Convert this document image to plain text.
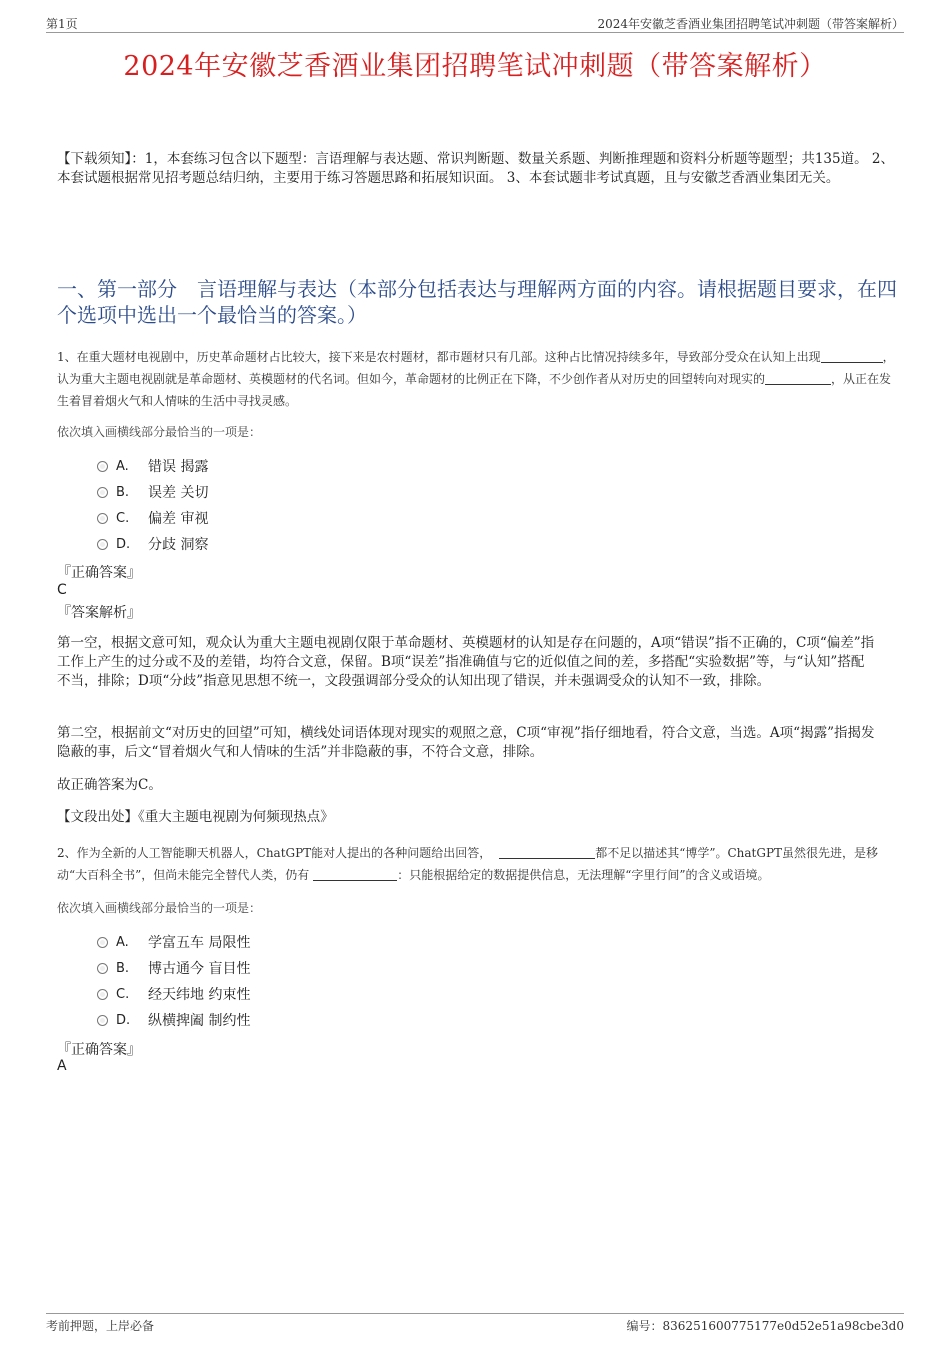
第1页	2024年安徽芝香酒业集团招聘笔试冲刺题（带答案解析）
2024年安徽芝香酒业集团招聘笔试冲刺题（带答案解析）
【下载须知】：1，本套练习包含以下题型：言语理解与表达题、常识判断题、数量关系题、判断推理题和资料分析题等题型；共135道。 2、本套试题根据常见招考题总结归纳，主要用于练习答题思路和拓展知识面。 3、本套试题非考试真题，且与安徽芝香酒业集团无关。
一、第一部分　言语理解与表达（本部分包括表达与理解两方面的内容。请根据题目要求，在四个选项中选出一个最恰当的答案。）
1、在重大题材电视剧中，历史革命题材占比较大，接下来是农村题材，都市题材只有几部。这种占比情况持续多年，导致部分受众在认知上出现	，认为重大主题电视剧就是革命题材、英模题材的代名词。但如今，革命题材的比例正在下降，不少创作者从对历史的回望转向对现实的	，从正在发生着冒着烟火气和人情味的生活中寻找灵感。
依次填入画横线部分最恰当的一项是：
A.	错误 揭露
B.	误差 关切
C.	偏差 审视
D.	分歧 洞察
『正确答案』
C
『答案解析』
第一空，根据文意可知，观众认为重大主题电视剧仅限于革命题材、英模题材的认知是存在问题的，A项“错误”指不正确的，C项“偏差”指工作上产生的过分或不及的差错，均符合文意，保留。B项“误差”指准确值与它的近似值之间的差，多搭配“实验数据”等，与“认知”搭配不当，排除；D项“分歧”指意见思想不统一，文段强调部分受众的认知出现了错误，并未强调受众的认知不一致，排除。
第二空，根据前文“对历史的回望”可知，横线处词语体现对现实的观照之意，C项“审视”指仔细地看，符合文意，当选。A项“揭露”指揭发隐蔽的事，后文“冒着烟火气和人情味的生活”并非隐蔽的事，不符合文意，排除。
故正确答案为C。
【文段出处】《重大主题电视剧为何频现热点》
2、作为全新的人工智能聊天机器人，ChatGPT能对人提出的各种问题给出回答，	都不足以描述其“博学”。ChatGPT虽然很先进，是移动“大百科全书”，但尚未能完全替代人类，仍有	：只能根据给定的数据提供信息，无法理解“字里行间”的含义或语境。
依次填入画横线部分最恰当的一项是：
A.	学富五车 局限性
B.	博古通今 盲目性
C.	经天纬地 约束性
D.	纵横捭阖 制约性
『正确答案』
A
考前押题，上岸必备	编号：836251600775177e0d52e51a98cbe3d0
